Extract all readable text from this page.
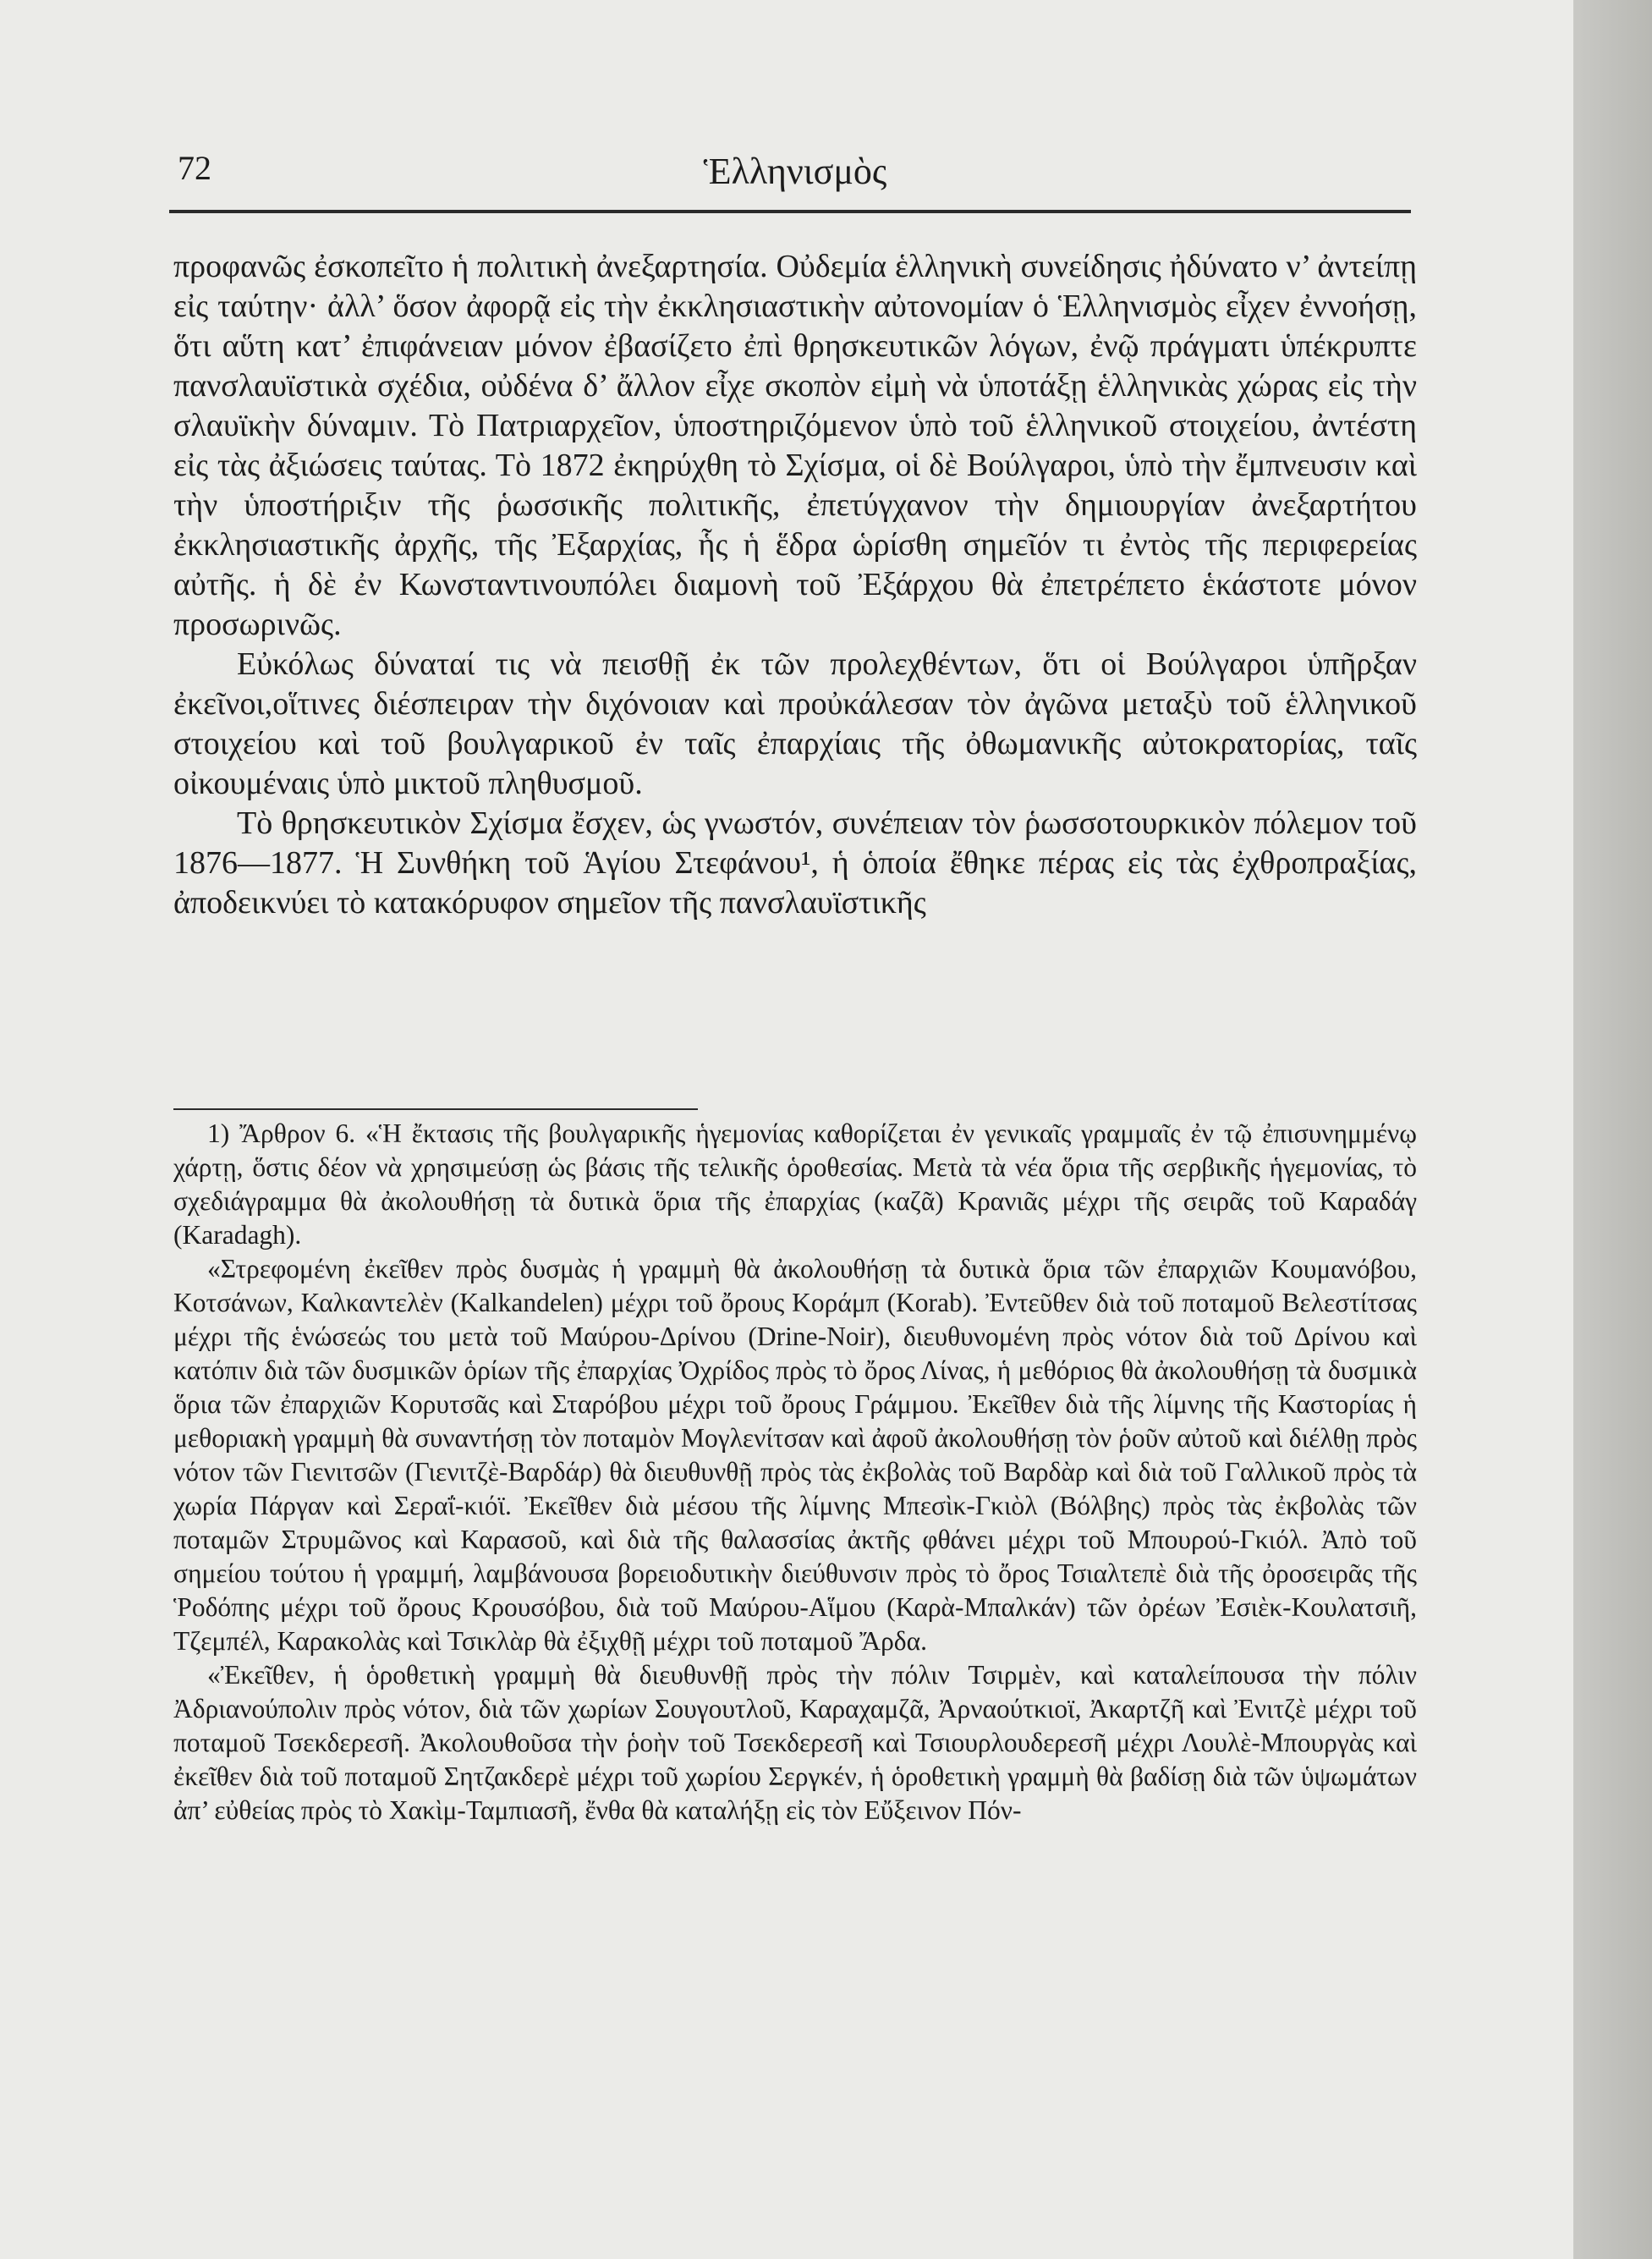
72	Ἑλληνισμὸς

προφανῶς ἐσκοπεῖτο ἡ πολιτικὴ ἀνεξαρτησία. Οὐδεμία ἑλληνικὴ συνείδησις ἠδύνατο ν’ ἀντείπῃ εἰς ταύτην· ἀλλ’ ὅσον ἀφορᾷ εἰς τὴν ἐκκλησιαστικὴν αὐτονομίαν ὁ Ἑλληνισμὸς εἶχεν ἐννοήσῃ, ὅτι αὕτη κατ’ ἐπιφάνειαν μόνον ἐβασίζετο ἐπὶ θρησκευτικῶν λόγων, ἐνῷ πράγματι ὑπέκρυπτε πανσλαυϊστικὰ σχέδια, οὐδένα δ’ ἄλλον εἶχε σκοπὸν εἰμὴ νὰ ὑποτάξῃ ἑλληνικὰς χώρας εἰς τὴν σλαυϊκὴν δύναμιν. Τὸ Πατριαρχεῖον, ὑποστηριζόμενον ὑπὸ τοῦ ἑλληνικοῦ στοιχείου, ἀντέστη εἰς τὰς ἀξιώσεις ταύτας. Τὸ 1872 ἐκηρύχθη τὸ Σχίσμα, οἱ δὲ Βούλγαροι, ὑπὸ τὴν ἔμπνευσιν καὶ τὴν ὑποστήριξιν τῆς ῥωσσικῆς πολιτικῆς, ἐπετύγχανον τὴν δημιουργίαν ἀνεξαρτήτου ἐκκλησιαστικῆς ἀρχῆς, τῆς Ἐξαρχίας, ἧς ἡ ἕδρα ὡρίσθη σημεῖόν τι ἐντὸς τῆς περιφερείας αὐτῆς. ἡ δὲ ἐν Κωνσταντινουπόλει διαμονὴ τοῦ Ἐξάρχου θὰ ἐπετρέπετο ἑκάστοτε μόνον προσωρινῶς.

Εὐκόλως δύναταί τις νὰ πεισθῇ ἐκ τῶν προλεχθέντων, ὅτι οἱ Βούλγαροι ὑπῆρξαν ἐκεῖνοι,οἵτινες διέσπειραν τὴν διχόνοιαν καὶ προὐκάλεσαν τὸν ἀγῶνα μεταξὺ τοῦ ἑλληνικοῦ στοιχείου καὶ τοῦ βουλγαρικοῦ ἐν ταῖς ἐπαρχίαις τῆς ὀθωμανικῆς αὐτοκρατορίας, ταῖς οἰκουμέναις ὑπὸ μικτοῦ πληθυσμοῦ.

Τὸ θρησκευτικὸν Σχίσμα ἔσχεν, ὡς γνωστόν, συνέπειαν τὸν ῥωσσοτουρκικὸν πόλεμον τοῦ 1876—1877. Ἡ Συνθήκη τοῦ Ἁγίου Στεφάνου¹, ἡ ὁποία ἔθηκε πέρας εἰς τὰς ἐχθροπραξίας, ἀποδεικνύει τὸ κατακόρυφον σημεῖον τῆς πανσλαυϊστικῆς

1) Ἄρθρον 6. «Ἡ ἔκτασις τῆς βουλγαρικῆς ἡγεμονίας καθορίζεται ἐν γενικαῖς γραμμαῖς ἐν τῷ ἐπισυνημμένῳ χάρτῃ, ὅστις δέον νὰ χρησιμεύσῃ ὡς βάσις τῆς τελικῆς ὁροθεσίας. Μετὰ τὰ νέα ὅρια τῆς σερβικῆς ἡγεμονίας, τὸ σχεδιάγραμμα θὰ ἀκολουθήσῃ τὰ δυτικὰ ὅρια τῆς ἐπαρχίας (καζᾶ) Κρανιᾶς μέχρι τῆς σειρᾶς τοῦ Καραδάγ (Karadagh).

«Στρεφομένη ἐκεῖθεν πρὸς δυσμὰς ἡ γραμμὴ θὰ ἀκολουθήσῃ τὰ δυτικὰ ὅρια τῶν ἐπαρχιῶν Κουμανόβου, Κοτσάνων, Καλκαντελὲν (Kalkandelen) μέχρι τοῦ ὄρους Κοράμπ (Korab). Ἐντεῦθεν διὰ τοῦ ποταμοῦ Βελεστίτσας μέχρι τῆς ἑνώσεώς του μετὰ τοῦ Μαύρου-Δρίνου (Drine-Noir), διευθυνομένη πρὸς νότον διὰ τοῦ Δρίνου καὶ κατόπιν διὰ τῶν δυσμικῶν ὁρίων τῆς ἐπαρχίας Ὀχρίδος πρὸς τὸ ὄρος Λίνας, ἡ μεθόριος θὰ ἀκολουθήσῃ τὰ δυσμικὰ ὅρια τῶν ἐπαρχιῶν Κορυτσᾶς καὶ Σταρόβου μέχρι τοῦ ὄρους Γράμμου. Ἐκεῖθεν διὰ τῆς λίμνης τῆς Καστορίας ἡ μεθοριακὴ γραμμὴ θὰ συναντήσῃ τὸν ποταμὸν Μογλενίτσαν καὶ ἀφοῦ ἀκολουθήσῃ τὸν ῥοῦν αὐτοῦ καὶ διέλθῃ πρὸς νότον τῶν Γιενιτσῶν (Γιενιτζὲ-Βαρδάρ) θὰ διευθυνθῇ πρὸς τὰς ἐκβολὰς τοῦ Βαρδὰρ καὶ διὰ τοῦ Γαλλικοῦ πρὸς τὰ χωρία Πάργαν καὶ Σεραΐ-κιόϊ. Ἐκεῖθεν διὰ μέσου τῆς λίμνης Μπεσὶκ-Γκιὸλ (Βόλβης) πρὸς τὰς ἐκβολὰς τῶν ποταμῶν Στρυμῶνος καὶ Καρασοῦ, καὶ διὰ τῆς θαλασσίας ἀκτῆς φθάνει μέχρι τοῦ Μπουρού-Γκιόλ. Ἀπὸ τοῦ σημείου τούτου ἡ γραμμή, λαμβάνουσα βορειοδυτικὴν διεύθυνσιν πρὸς τὸ ὄρος Τσιαλτεπὲ διὰ τῆς ὀροσειρᾶς τῆς Ῥοδόπης μέχρι τοῦ ὄρους Κρουσόβου, διὰ τοῦ Μαύρου-Αἵμου (Καρὰ-Μπαλκάν) τῶν ὀρέων Ἐσιὲκ-Κουλατσιῆ, Τζεμπέλ, Καρακολὰς καὶ Τσικλὰρ θὰ ἐξιχθῇ μέχρι τοῦ ποταμοῦ Ἄρδα.

«Ἐκεῖθεν, ἡ ὁροθετικὴ γραμμὴ θὰ διευθυνθῇ πρὸς τὴν πόλιν Τσιρμὲν, καὶ καταλείπουσα τὴν πόλιν Ἀδριανούπολιν πρὸς νότον, διὰ τῶν χωρίων Σουγουτλοῦ, Καραχαμζᾶ, Ἀρναούτκιοϊ, Ἀκαρτζῆ καὶ Ἐνιτζὲ μέχρι τοῦ ποταμοῦ Τσεκδερεσῆ. Ἀκολουθοῦσα τὴν ῥοὴν τοῦ Τσεκδερεσῆ καὶ Τσιουρλουδερεσῆ μέχρι Λουλὲ-Μπουργὰς καὶ ἐκεῖθεν διὰ τοῦ ποταμοῦ Σητζακδερὲ μέχρι τοῦ χωρίου Σεργκέν, ἡ ὁροθετικὴ γραμμὴ θὰ βαδίσῃ διὰ τῶν ὑψωμάτων ἀπ’ εὐθείας πρὸς τὸ Χακὶμ-Ταμπιασῆ, ἔνθα θὰ καταλήξῃ εἰς τὸν Εὔξεινον Πόν-
